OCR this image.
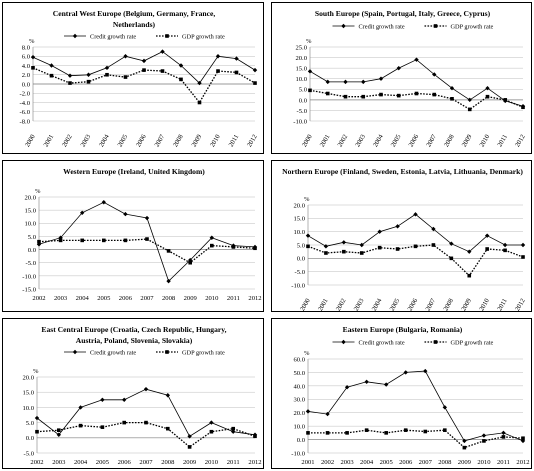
Central West Europe (Belgium, Germany, France,
Netherlands)
Credit growth rate	GDP growth rate
8.0
6.0
4.0
2.0
0.0
-2.0
-4.0
-6.0
-8.0
%
2000 2001 2002 2003 2004 2005 2006 2007 2008 2009 2010 2011 2012
South Europe (Spain, Portugal, Italy, Greece, Cyprus)
Credit growth rate	GDP growth rate
25.0
20.0
15.0
10.0
5.0
0.0
-5.0
-10.0
%
2000 2001 2002 2003 2004 2005 2006 2007 2008 2009 2010 2011 2012
Western Europe (Ireland, United Kingdom)
20.0
15.0
10.0
5.0
0.0
-5.0
-10.0
-15.0
%
2002 2003 2004 2005 2006 2007 2008 2009 2010 2011 2012
Northern Europe (Finland, Sweden, Estonia, Latvia, Lithuania, Denmark)
20.0
15.0
10.0
5.0
0.0
-5.0
-10.0
%
2000 2001 2002 2003 2004 2005 2006 2007 2008 2009 2010 2011 2012
East Central Europe (Croatia, Czech Republic, Hungary,
Austria, Poland, Slovenia, Slovakia)
Credit growth rate	GDP growth rate
20.0
15.0
10.0
5.0
0.0
-5.0
%
2002 2003 2004 2005 2006 2007 2008 2009 2010 2011 2012
Eastern Europe (Bulgaria, Romania)
Credit growth rate	GDP growth rate
60.0
50.0
40.0
30.0
20.0
10.0
0.0
-10.0
%
2001 2002 2003 2004 2005 2006 2007 2008 2009 2010 2011 2012
